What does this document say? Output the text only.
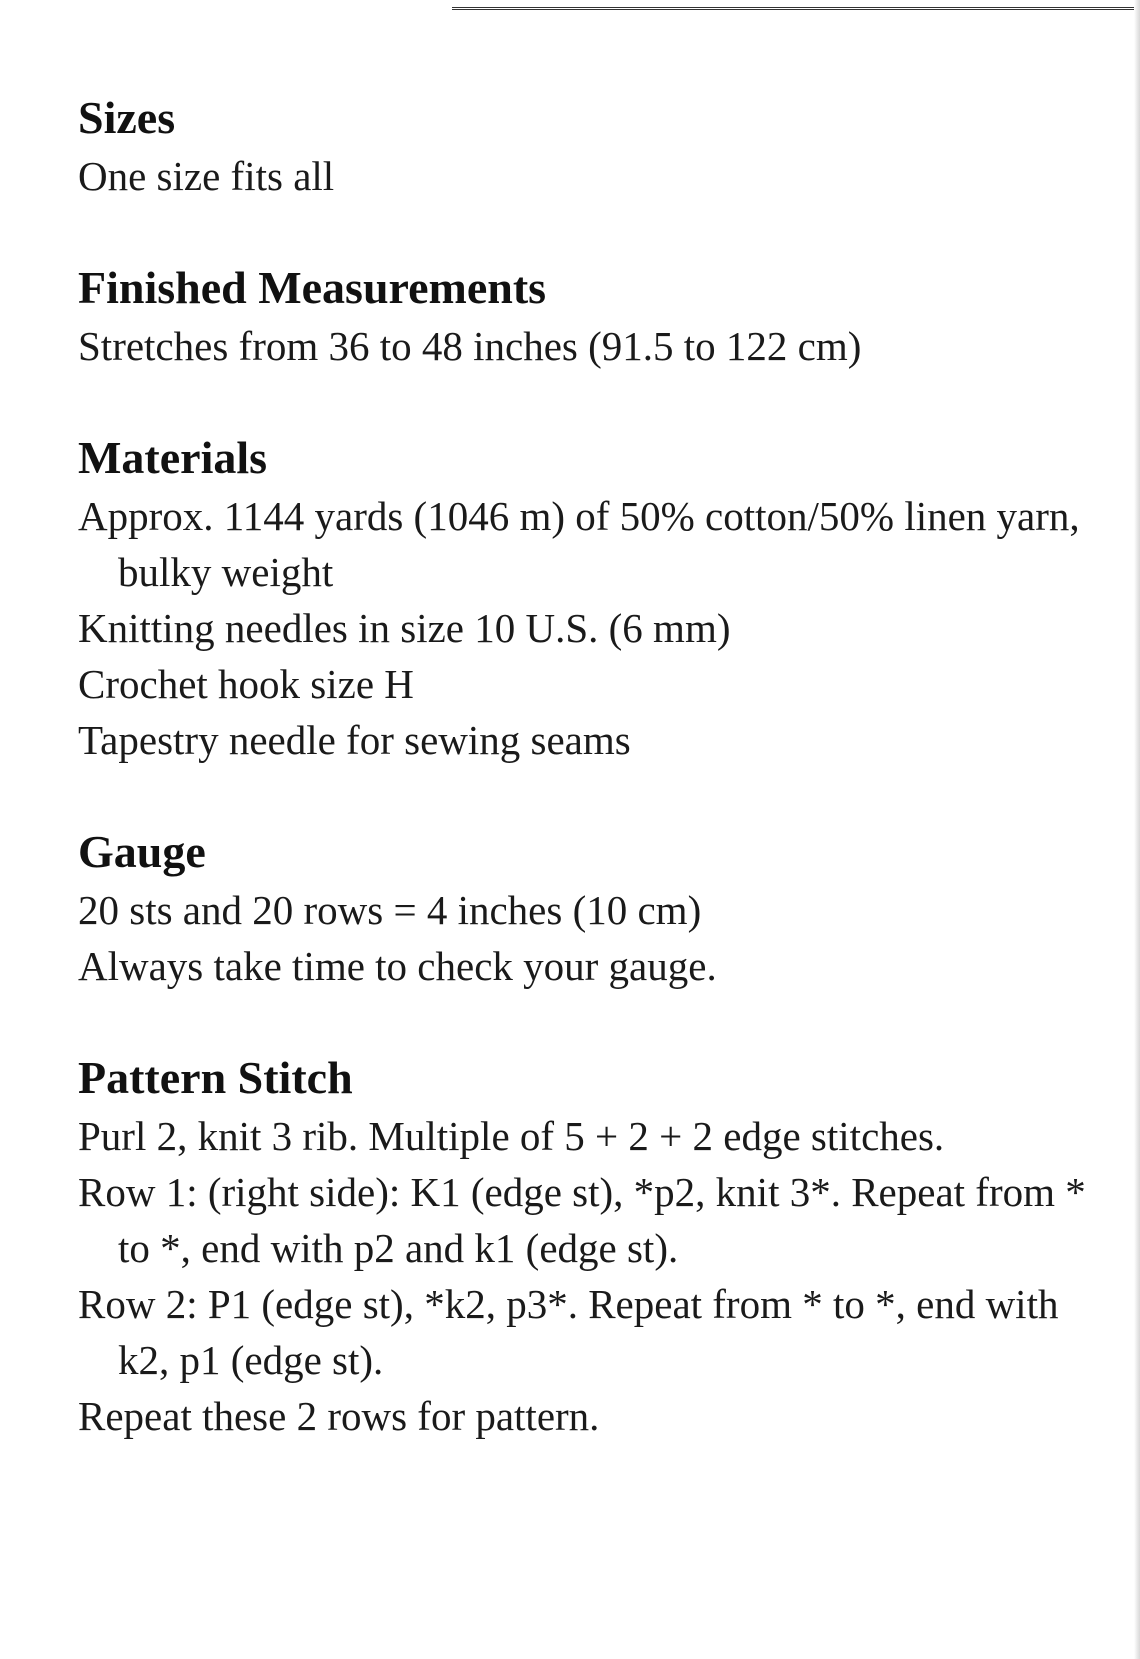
Sizes

One size fits all

Finished Measurements

Stretches from 36 to 48 inches (91.5 to 122 cm)

Materials

Approx. 1144 yards (1046 m) of 50% cotton/50% linen yarn, bulky weight

Knitting needles in size 10 U.S. (6 mm)

Crochet hook size H

Tapestry needle for sewing seams

Gauge

20 sts and 20 rows = 4 inches (10 cm)

Always take time to check your gauge.

Pattern Stitch

Purl 2, knit 3 rib. Multiple of 5 + 2 + 2 edge stitches.

Row 1: (right side): K1 (edge st), *p2, knit 3*. Repeat from * to *, end with p2 and k1 (edge st).

Row 2: P1 (edge st), *k2, p3*. Repeat from * to *, end with k2, p1 (edge st).

Repeat these 2 rows for pattern.
